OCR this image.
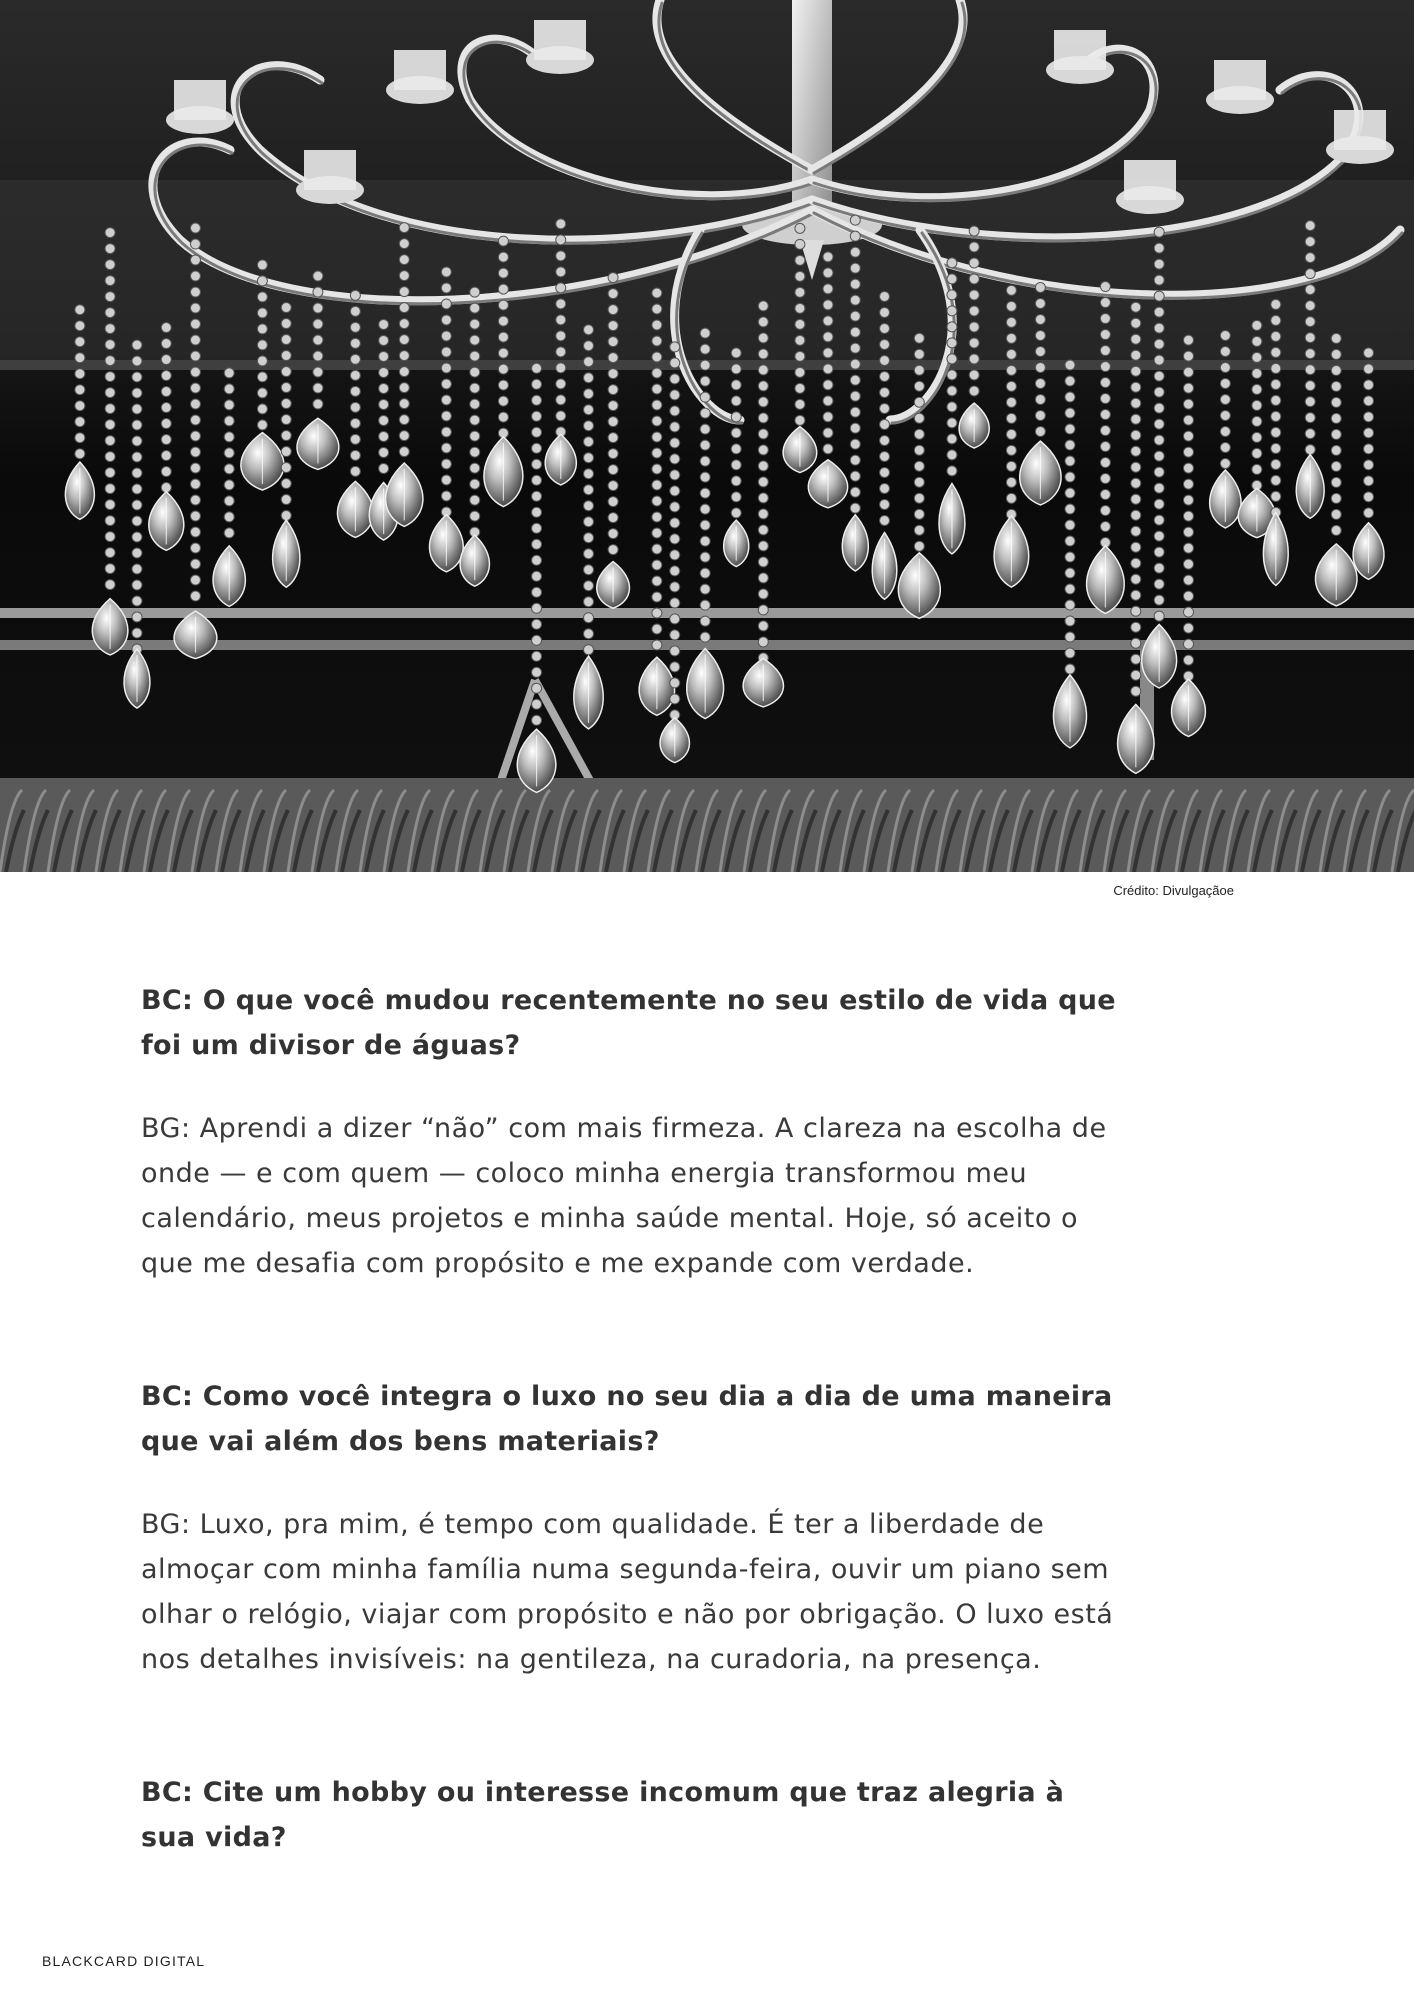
Crédito: Divulgaçãoe

BC: O que você mudou recentemente no seu estilo de vida que foi um divisor de águas?

BG: Aprendi a dizer “não” com mais firmeza. A clareza na escolha de onde — e com quem — coloco minha energia transformou meu calendário, meus projetos e minha saúde mental. Hoje, só aceito o que me desafia com propósito e me expande com verdade.

BC: Como você integra o luxo no seu dia a dia de uma maneira que vai além dos bens materiais?

BG: Luxo, pra mim, é tempo com qualidade. É ter a liberdade de almoçar com minha família numa segunda-feira, ouvir um piano sem olhar o relógio, viajar com propósito e não por obrigação. O luxo está nos detalhes invisíveis: na gentileza, na curadoria, na presença.

BC: Cite um hobby ou interesse incomum que traz alegria à sua vida?

BLACKCARD DIGITAL
